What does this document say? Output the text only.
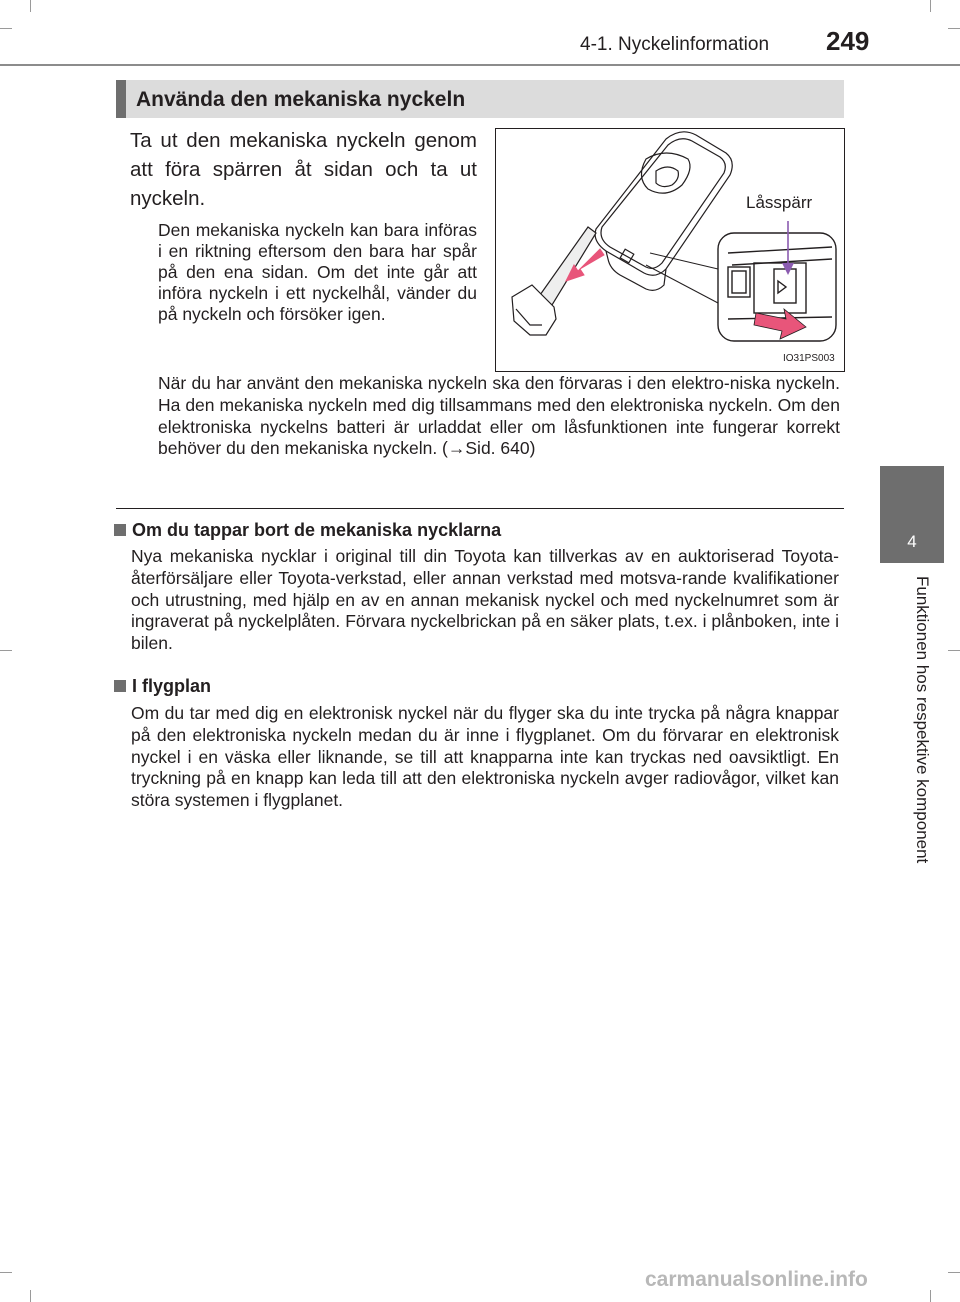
4-1. Nyckelinformation 249
4
Funktionen hos respektive komponent
Använda den mekaniska nyckeln
Ta ut den mekaniska nyckeln genom att föra spärren åt sidan och ta ut nyckeln.
Den mekaniska nyckeln kan bara införas i en riktning eftersom den bara har spår på den ena sidan. Om det inte går att införa nyckeln i ett nyckelhål, vänder du på nyckeln och försöker igen.
Låsspärr
IO31PS003
När du har använt den mekaniska nyckeln ska den förvaras i den elektro-niska nyckeln. Ha den mekaniska nyckeln med dig tillsammans med den elektroniska nyckeln. Om den elektroniska nyckelns batteri är urladdat eller om låsfunktionen inte fungerar korrekt behöver du den mekaniska nyckeln. (→Sid. 640)
Om du tappar bort de mekaniska nycklarna
Nya mekaniska nycklar i original till din Toyota kan tillverkas av en auktoriserad Toyota-återförsäljare eller Toyota-verkstad, eller annan verkstad med motsva-rande kvalifikationer och utrustning, med hjälp en av en annan mekanisk nyckel och med nyckelnumret som är ingraverat på nyckelplåten. Förvara nyckelbrickan på en säker plats, t.ex. i plånboken, inte i bilen.
I flygplan
Om du tar med dig en elektronisk nyckel när du flyger ska du inte trycka på några knappar på den elektroniska nyckeln medan du är inne i flygplanet. Om du förvarar en elektronisk nyckel i en väska eller liknande, se till att knapparna inte kan tryckas ned oavsiktligt. En tryckning på en knapp kan leda till att den elektroniska nyckeln avger radiovågor, vilket kan störa systemen i flygplanet.
carmanualsonline.info
